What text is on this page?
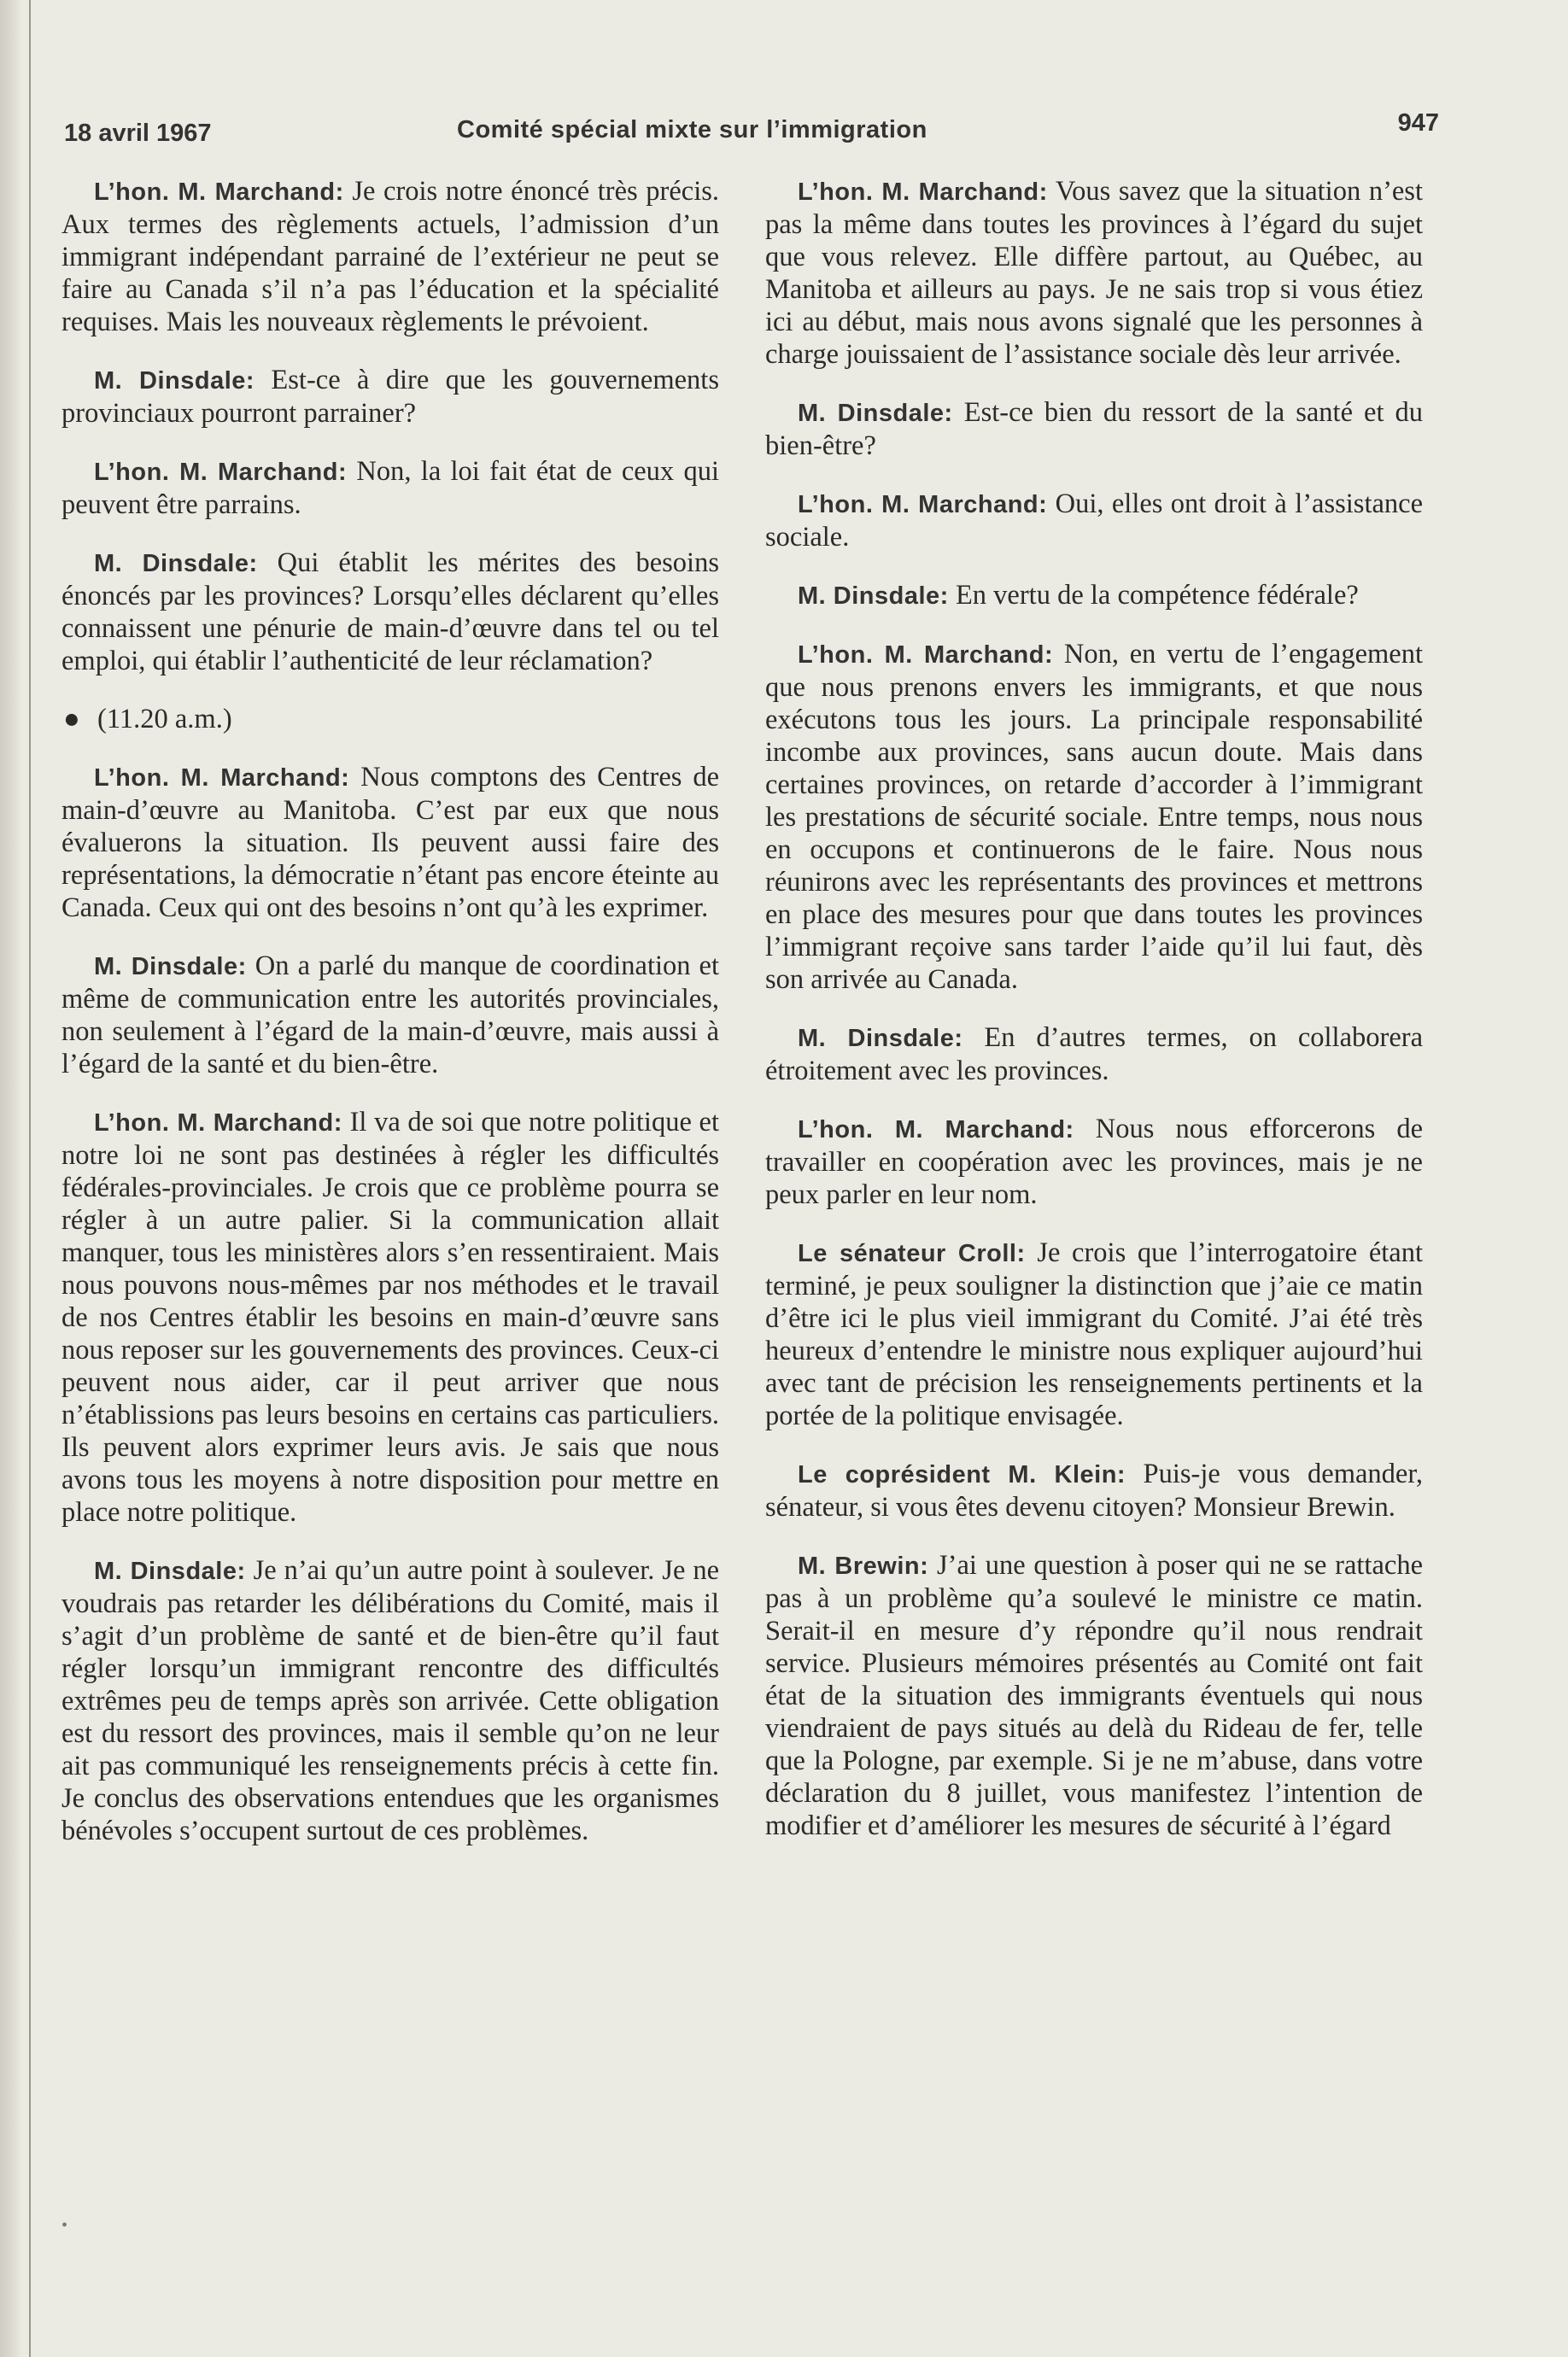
18 avril 1967	Comité spécial mixte sur l’immigration	947

L’hon. M. Marchand: Je crois notre énoncé très précis. Aux termes des règlements actuels, l’admission d’un immigrant indépendant parrainé de l’extérieur ne peut se faire au Canada s’il n’a pas l’éducation et la spécialité requises. Mais les nouveaux règlements le prévoient.

M. Dinsdale: Est-ce à dire que les gouvernements provinciaux pourront parrainer?

L’hon. M. Marchand: Non, la loi fait état de ceux qui peuvent être parrains.

M. Dinsdale: Qui établit les mérites des besoins énoncés par les provinces? Lorsqu’elles déclarent qu’elles connaissent une pénurie de main-d’œuvre dans tel ou tel emploi, qui établir l’authenticité de leur réclamation?

● (11.20 a.m.)

L’hon. M. Marchand: Nous comptons des Centres de main-d’œuvre au Manitoba. C’est par eux que nous évaluerons la situation. Ils peuvent aussi faire des représentations, la démocratie n’étant pas encore éteinte au Canada. Ceux qui ont des besoins n’ont qu’à les exprimer.

M. Dinsdale: On a parlé du manque de coordination et même de communication entre les autorités provinciales, non seulement à l’égard de la main-d’œuvre, mais aussi à l’égard de la santé et du bien-être.

L’hon. M. Marchand: Il va de soi que notre politique et notre loi ne sont pas destinées à régler les difficultés fédérales-provinciales. Je crois que ce problème pourra se régler à un autre palier. Si la communication allait manquer, tous les ministères alors s’en ressentiraient. Mais nous pouvons nous-mêmes par nos méthodes et le travail de nos Centres établir les besoins en main-d’œuvre sans nous reposer sur les gouvernements des provinces. Ceux-ci peuvent nous aider, car il peut arriver que nous n’établissions pas leurs besoins en certains cas particuliers. Ils peuvent alors exprimer leurs avis. Je sais que nous avons tous les moyens à notre disposition pour mettre en place notre politique.

M. Dinsdale: Je n’ai qu’un autre point à soulever. Je ne voudrais pas retarder les délibérations du Comité, mais il s’agit d’un problème de santé et de bien-être qu’il faut régler lorsqu’un immigrant rencontre des difficultés extrêmes peu de temps après son arrivée. Cette obligation est du ressort des provinces, mais il semble qu’on ne leur ait pas communiqué les renseignements précis à cette fin. Je conclus des observations entendues que les organismes bénévoles s’occupent surtout de ces problèmes.

L’hon. M. Marchand: Vous savez que la situation n’est pas la même dans toutes les provinces à l’égard du sujet que vous relevez. Elle diffère partout, au Québec, au Manitoba et ailleurs au pays. Je ne sais trop si vous étiez ici au début, mais nous avons signalé que les personnes à charge jouissaient de l’assistance sociale dès leur arrivée.

M. Dinsdale: Est-ce bien du ressort de la santé et du bien-être?

L’hon. M. Marchand: Oui, elles ont droit à l’assistance sociale.

M. Dinsdale: En vertu de la compétence fédérale?

L’hon. M. Marchand: Non, en vertu de l’engagement que nous prenons envers les immigrants, et que nous exécutons tous les jours. La principale responsabilité incombe aux provinces, sans aucun doute. Mais dans certaines provinces, on retarde d’accorder à l’immigrant les prestations de sécurité sociale. Entre temps, nous nous en occupons et continuerons de le faire. Nous nous réunirons avec les représentants des provinces et mettrons en place des mesures pour que dans toutes les provinces l’immigrant reçoive sans tarder l’aide qu’il lui faut, dès son arrivée au Canada.

M. Dinsdale: En d’autres termes, on collaborera étroitement avec les provinces.

L’hon. M. Marchand: Nous nous efforcerons de travailler en coopération avec les provinces, mais je ne peux parler en leur nom.

Le sénateur Croll: Je crois que l’interrogatoire étant terminé, je peux souligner la distinction que j’aie ce matin d’être ici le plus vieil immigrant du Comité. J’ai été très heureux d’entendre le ministre nous expliquer aujourd’hui avec tant de précision les renseignements pertinents et la portée de la politique envisagée.

Le coprésident M. Klein: Puis-je vous demander, sénateur, si vous êtes devenu citoyen? Monsieur Brewin.

M. Brewin: J’ai une question à poser qui ne se rattache pas à un problème qu’a soulevé le ministre ce matin. Serait-il en mesure d’y répondre qu’il nous rendrait service. Plusieurs mémoires présentés au Comité ont fait état de la situation des immigrants éventuels qui nous viendraient de pays situés au delà du Rideau de fer, telle que la Pologne, par exemple. Si je ne m’abuse, dans votre déclaration du 8 juillet, vous manifestez l’intention de modifier et d’améliorer les mesures de sécurité à l’égard

•
